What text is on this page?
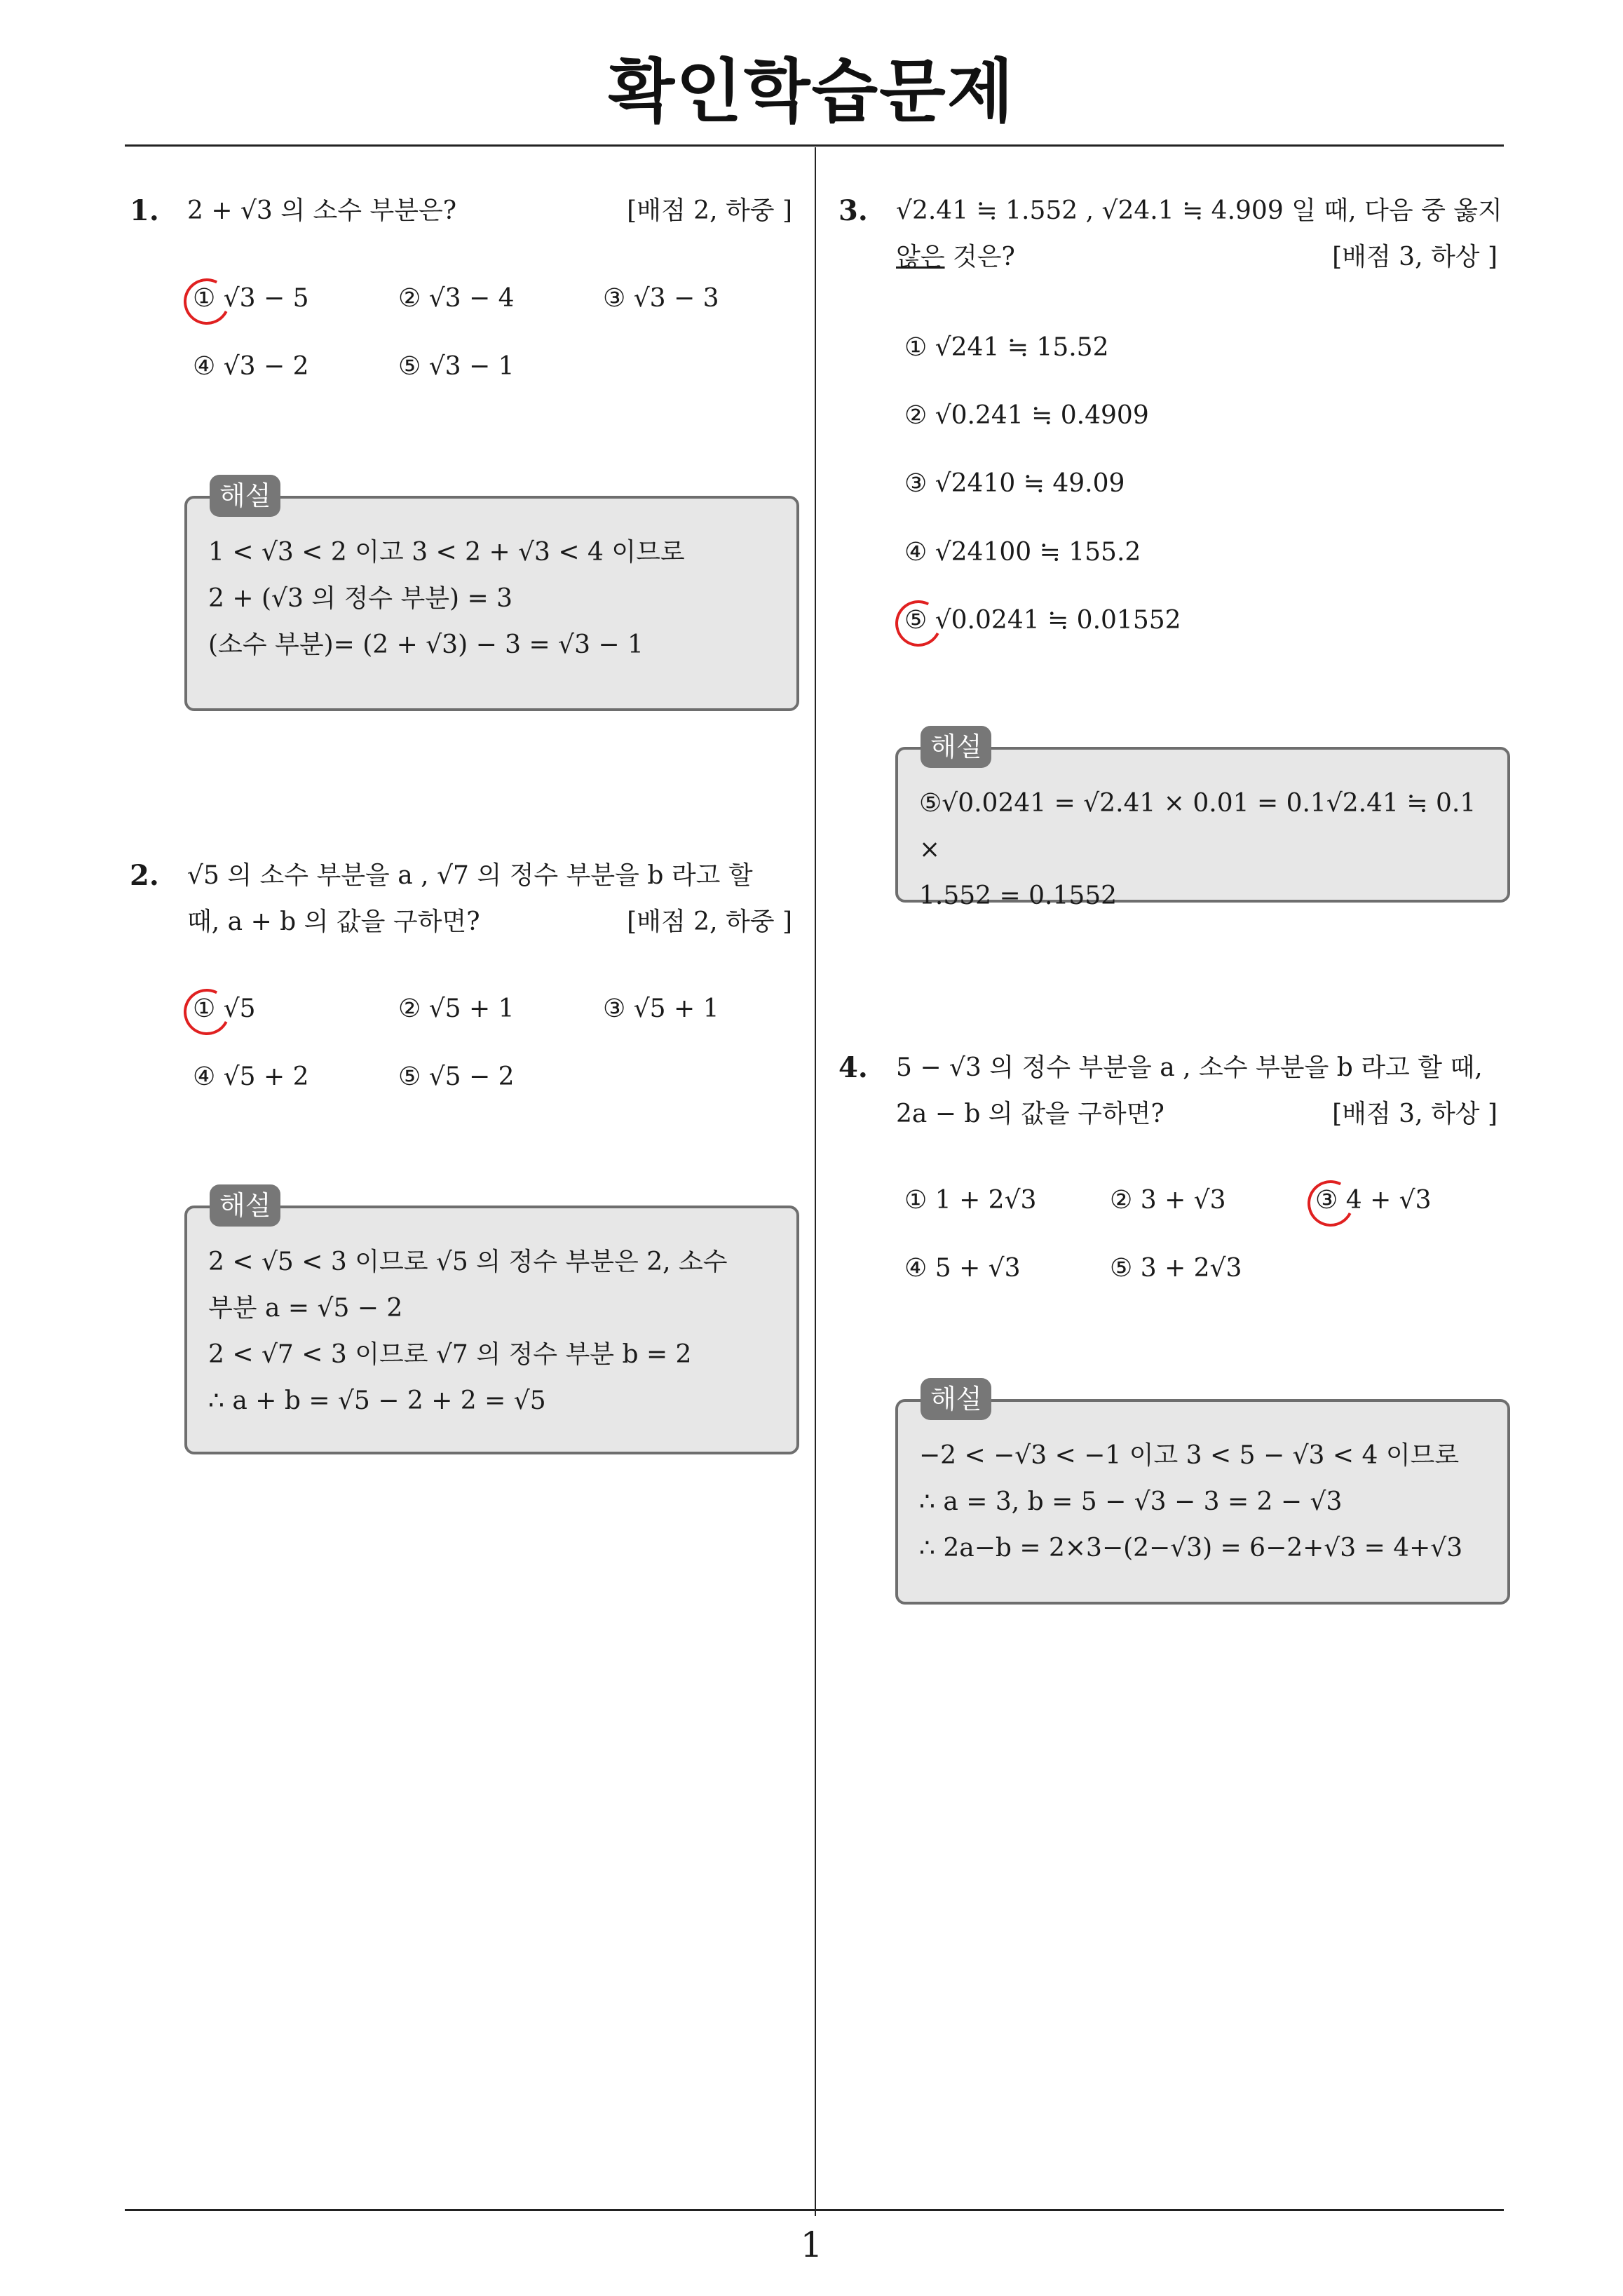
확인학습문제
1
1. 2 + √3 의 소수 부분은?	[배점 2, 하중 ]
① √3 − 5	② √3 − 4	③ √3 − 3
④ √3 − 2	⑤ √3 − 1
해설
1 < √3 < 2 이고 3 < 2 + √3 < 4 이므로
2 + (√3 의 정수 부분) = 3
(소수 부분)= (2 + √3) − 3 = √3 − 1
2. √5 의 소수 부분을 a , √7 의 정수 부분을 b 라고 할
때, a + b 의 값을 구하면?	[배점 2, 하중 ]
① √5	② √5 + 1	③ √5 + 1
④ √5 + 2	⑤ √5 − 2
해설
2 < √5 < 3 이므로 √5 의 정수 부분은 2, 소수
부분 a = √5 − 2
2 < √7 < 3 이므로 √7 의 정수 부분 b = 2
∴ a + b = √5 − 2 + 2 = √5
3. √2.41 ≒ 1.552 , √24.1 ≒ 4.909 일 때, 다음 중 옳지
않은 것은?	[배점 3, 하상 ]
① √241 ≒ 15.52
② √0.241 ≒ 0.4909
③ √2410 ≒ 49.09
④ √24100 ≒ 155.2
⑤ √0.0241 ≒ 0.01552
해설
⑤√0.0241 = √2.41 × 0.01 = 0.1√2.41 ≒ 0.1 ×
1.552 = 0.1552
4. 5 − √3 의 정수 부분을 a , 소수 부분을 b 라고 할 때,
2a − b 의 값을 구하면?	[배점 3, 하상 ]
① 1 + 2√3	② 3 + √3	③ 4 + √3
④ 5 + √3	⑤ 3 + 2√3
해설
−2 < −√3 < −1 이고 3 < 5 − √3 < 4 이므로
∴ a = 3, b = 5 − √3 − 3 = 2 − √3
∴ 2a−b = 2×3−(2−√3) = 6−2+√3 = 4+√3
